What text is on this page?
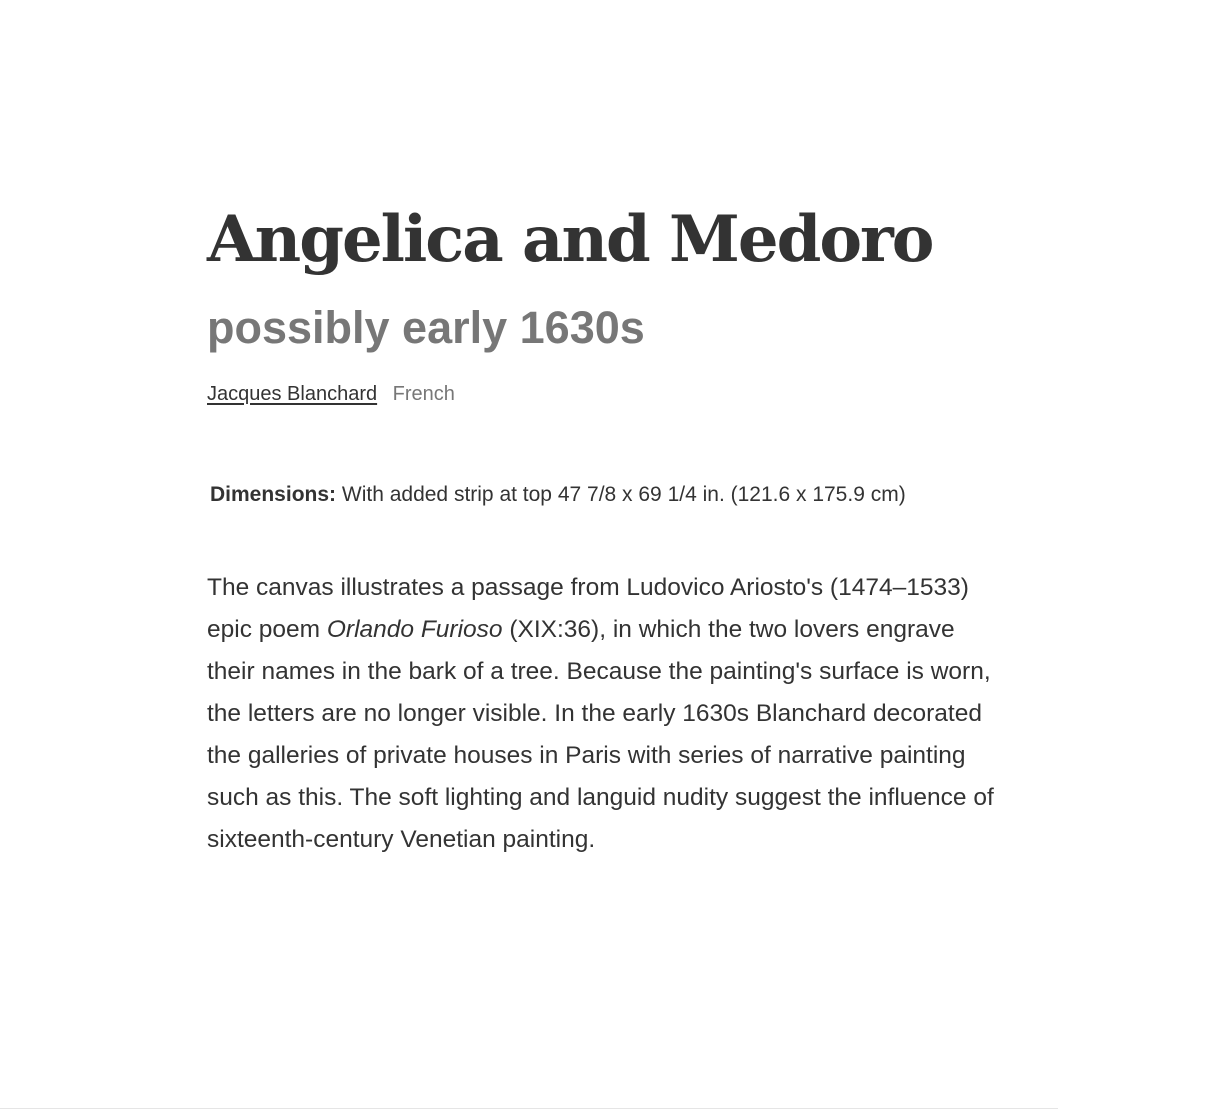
Angelica and Medoro
possibly early 1630s
Jacques Blanchard French
Dimensions: With added strip at top 47 7/8 x 69 1/4 in. (121.6 x 175.9 cm)

The canvas illustrates a passage from Ludovico Ariosto's (1474–1533) epic poem Orlando Furioso (XIX:36), in which the two lovers engrave their names in the bark of a tree. Because the painting's surface is worn, the letters are no longer visible. In the early 1630s Blanchard decorated the galleries of private houses in Paris with series of narrative painting such as this. The soft lighting and languid nudity suggest the influence of sixteenth-century Venetian painting.
